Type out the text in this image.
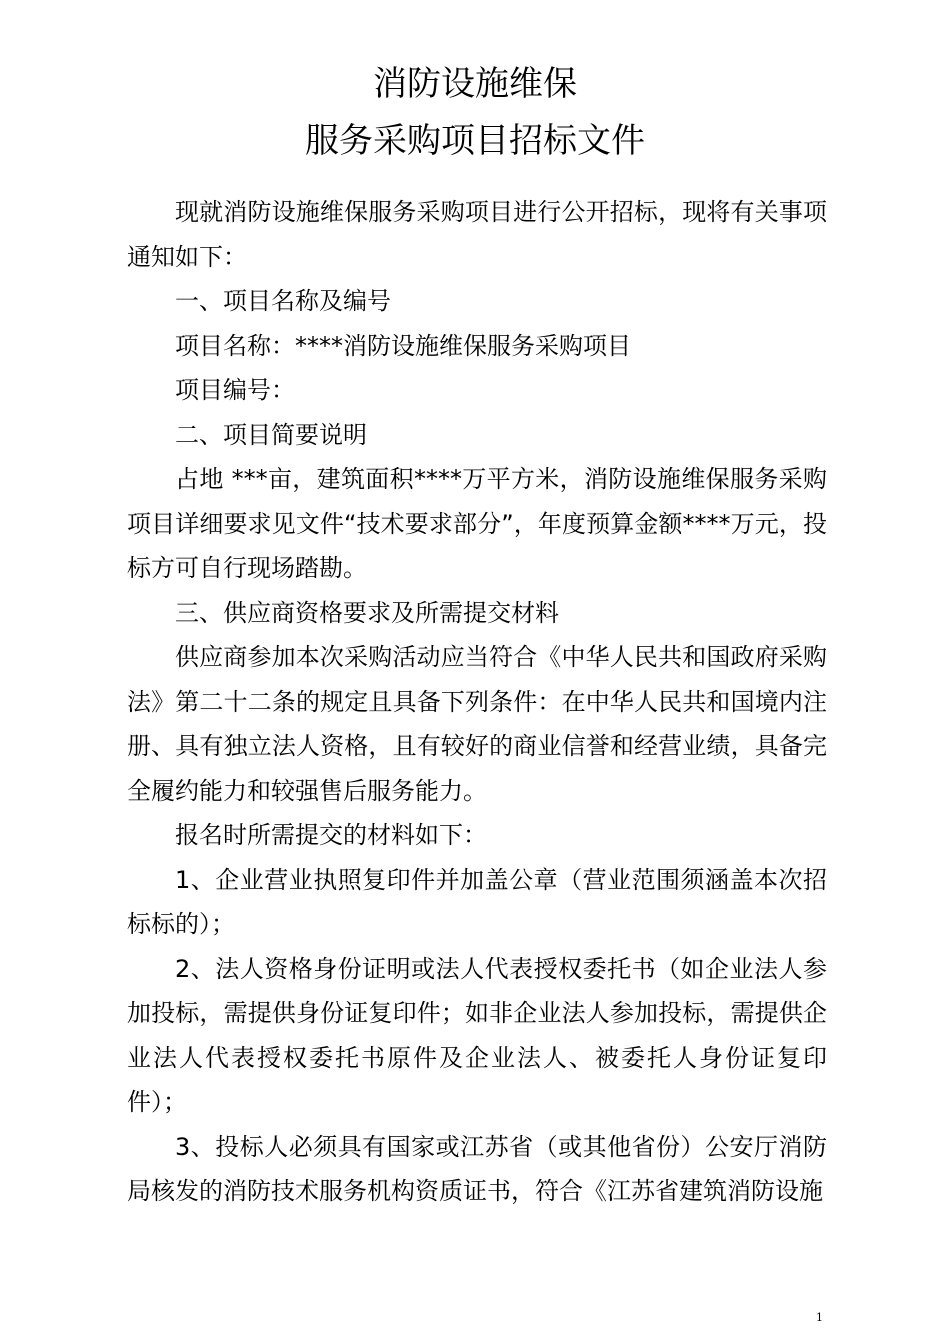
消防设施维保
服务采购项目招标文件

现就消防设施维保服务采购项目进行公开招标，现将有关事项通知如下：

一、项目名称及编号

项目名称：****消防设施维保服务采购项目

项目编号：

二、项目简要说明

占地 ***亩，建筑面积****万平方米，消防设施维保服务采购项目详细要求见文件“技术要求部分”，年度预算金额****万元，投标方可自行现场踏勘。

三、供应商资格要求及所需提交材料

供应商参加本次采购活动应当符合《中华人民共和国政府采购法》第二十二条的规定且具备下列条件：在中华人民共和国境内注册、具有独立法人资格，且有较好的商业信誉和经营业绩，具备完全履约能力和较强售后服务能力。

报名时所需提交的材料如下：

1、企业营业执照复印件并加盖公章（营业范围须涵盖本次招标标的）；

2、法人资格身份证明或法人代表授权委托书（如企业法人参加投标，需提供身份证复印件；如非企业法人参加投标，需提供企业法人代表授权委托书原件及企业法人、被委托人身份证复印件）；

3、投标人必须具有国家或江苏省（或其他省份）公安厅消防局核发的消防技术服务机构资质证书，符合《江苏省建筑消防设施

1
